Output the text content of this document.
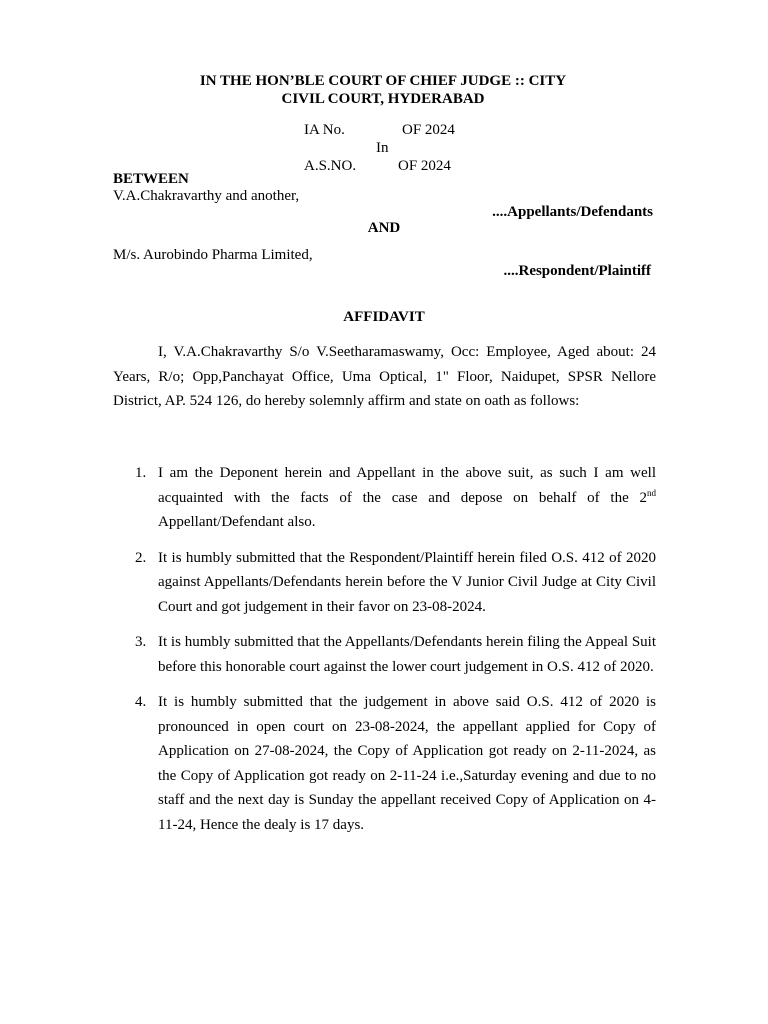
IN THE HON’BLE COURT OF CHIEF JUDGE :: CITY
CIVIL COURT, HYDERABAD
IA No.	OF 2024
In
A.S.NO.	OF 2024
BETWEEN
V.A.Chakravarthy and another,
....Appellants/Defendants
AND
M/s. Aurobindo Pharma Limited,
....Respondent/Plaintiff
AFFIDAVIT
I, V.A.Chakravarthy S/o V.Seetharamaswamy, Occ: Employee, Aged about: 24 Years, R/o; Opp,Panchayat Office, Uma Optical, 1" Floor, Naidupet, SPSR Nellore District, AP. 524 126, do hereby solemnly affirm and state on oath as follows:
1. I am the Deponent herein and Appellant in the above suit, as such I am well acquainted with the facts of the case and depose on behalf of the 2nd Appellant/Defendant also.
2. It is humbly submitted that the Respondent/Plaintiff herein filed O.S. 412 of 2020 against Appellants/Defendants herein before the V Junior Civil Judge at City Civil Court and got judgement in their favor on 23-08-2024.
3. It is humbly submitted that the Appellants/Defendants herein filing the Appeal Suit before this honorable court against the lower court judgement in O.S. 412 of 2020.
4. It is humbly submitted that the judgement in above said O.S. 412 of 2020 is pronounced in open court on 23-08-2024, the appellant applied for Copy of Application on 27-08-2024, the Copy of Application got ready on 2-11-2024, as the Copy of Application got ready on 2-11-24 i.e.,Saturday evening and due to no staff and the next day is Sunday the appellant received Copy of Application on 4-11-24, Hence the dealy is 17 days.
